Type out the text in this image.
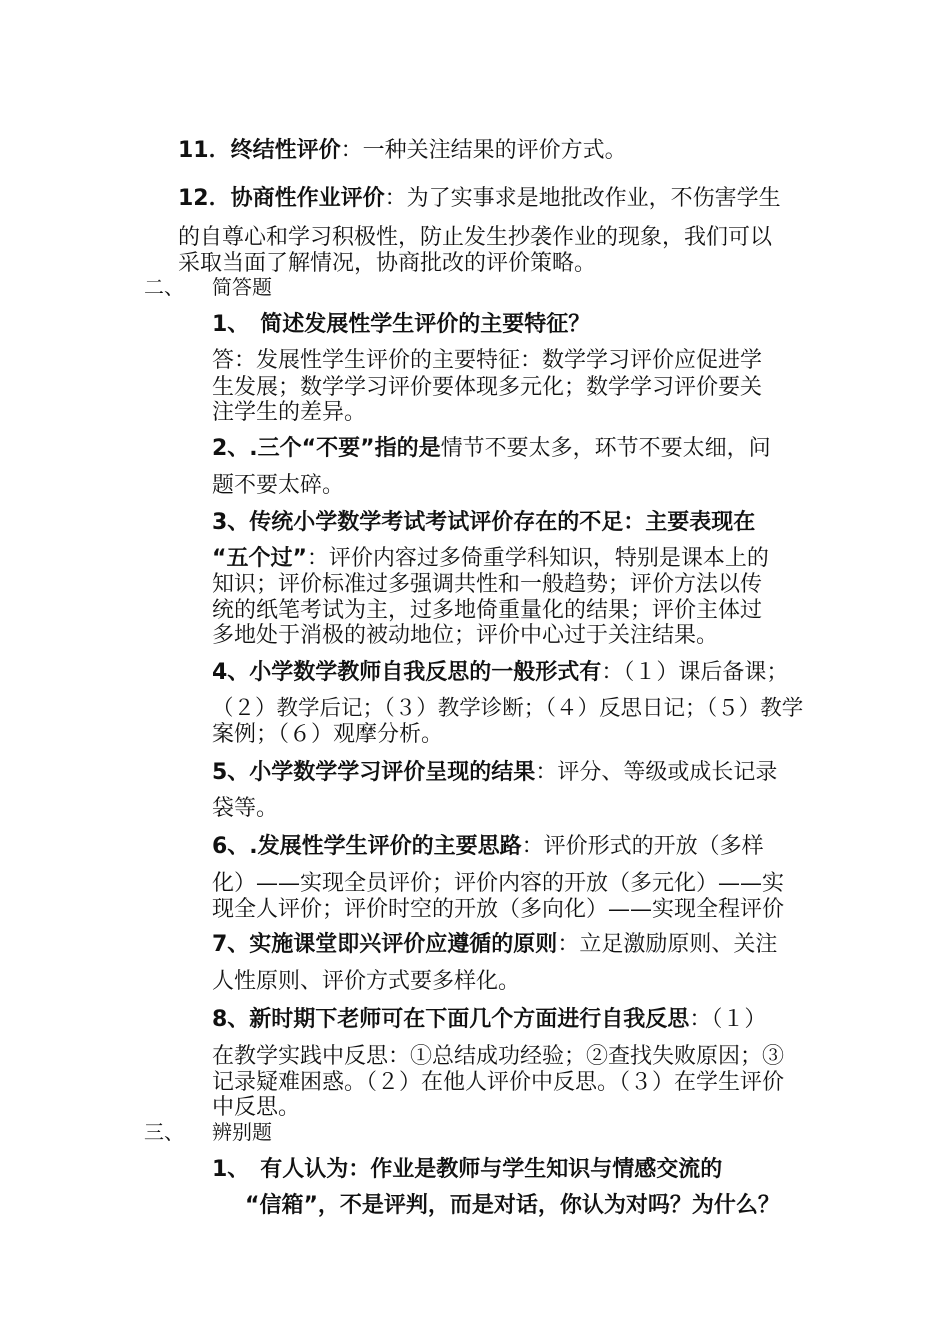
11．终结性评价：一种关注结果的评价方式。
12．协商性作业评价：为了实事求是地批改作业，不伤害学生
的自尊心和学习积极性，防止发生抄袭作业的现象，我们可以
采取当面了解情况，协商批改的评价策略。
二、 简答题
1、　简述发展性学生评价的主要特征？
答：发展性学生评价的主要特征：数学学习评价应促进学
生发展；数学学习评价要体现多元化；数学学习评价要关
注学生的差异。
2、.三个“不要”指的是情节不要太多，环节不要太细，问
题不要太碎。
3、传统小学数学考试考试评价存在的不足：主要表现在
“五个过”：评价内容过多倚重学科知识，特别是课本上的
知识；评价标准过多强调共性和一般趋势；评价方法以传
统的纸笔考试为主，过多地倚重量化的结果；评价主体过
多地处于消极的被动地位；评价中心过于关注结果。
4、小学数学教师自我反思的一般形式有：（１）课后备课；
（２）教学后记；（３）教学诊断；（４）反思日记；（５）教学
案例；（６）观摩分析。
5、小学数学学习评价呈现的结果：评分、等级或成长记录
袋等。
6、.发展性学生评价的主要思路：评价形式的开放（多样
化）——实现全员评价；评价内容的开放（多元化）——实
现全人评价；评价时空的开放（多向化）——实现全程评价
7、实施课堂即兴评价应遵循的原则：立足激励原则、关注
人性原则、评价方式要多样化。
8、新时期下老师可在下面几个方面进行自我反思：（１）
在教学实践中反思：①总结成功经验；②查找失败原因；③
记录疑难困惑。（２）在他人评价中反思。（３）在学生评价
中反思。
三、 辨别题
1、　有人认为：作业是教师与学生知识与情感交流的
“信箱”，不是评判，而是对话，你认为对吗？为什么？
